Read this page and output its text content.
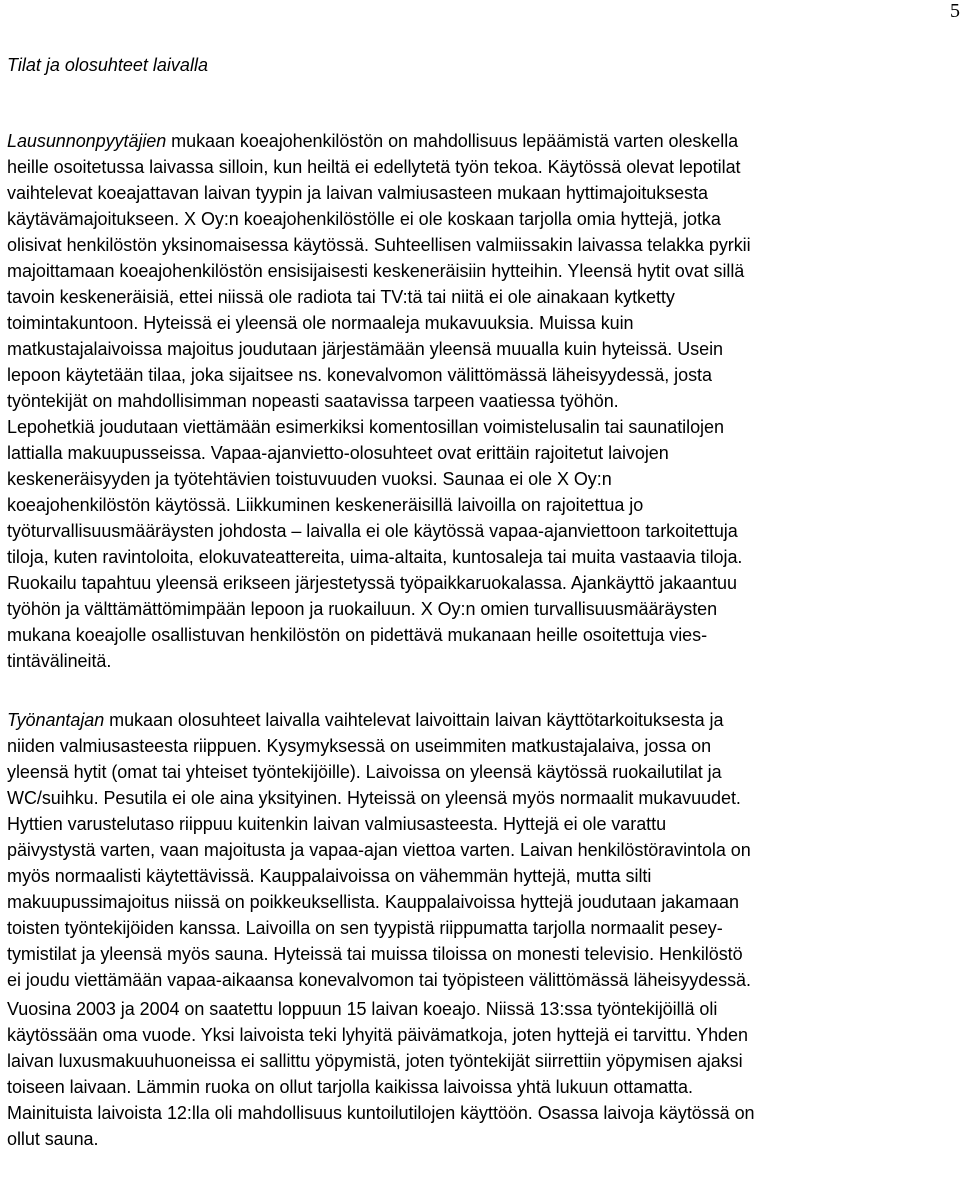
5
Tilat ja olosuhteet laivalla
Lausunnonpyytäjien mukaan koeajohenkilöstön on mahdollisuus lepäämistä varten oleskella
heille osoitetussa laivassa silloin, kun heiltä ei edellytetä työn tekoa. Käytössä olevat lepotilat
vaihtelevat koeajattavan laivan tyypin ja laivan valmiusasteen mukaan hyttimajoituksesta
käytävämajoitukseen. X Oy:n koeajohenkilöstölle ei ole koskaan tarjolla omia hyttejä, jotka
olisivat henkilöstön yksinomaisessa käytössä. Suhteellisen valmiissakin laivassa telakka pyrkii
majoittamaan koeajohenkilöstön ensisijaisesti keskeneräisiin hytteihin. Yleensä hytit ovat sillä
tavoin keskeneräisiä, ettei niissä ole radiota tai TV:tä tai niitä ei ole ainakaan kytketty
toimintakuntoon. Hyteissä ei yleensä ole normaaleja mukavuuksia. Muissa kuin
matkustajalaivoissa majoitus joudutaan järjestämään yleensä muualla kuin hyteissä. Usein
lepoon käytetään tilaa, joka sijaitsee ns. konevalvomon välittömässä läheisyydessä, josta
työntekijät on mahdollisimman nopeasti saatavissa tarpeen vaatiessa työhön.
Lepohetkiä joudutaan viettämään esimerkiksi komentosillan voimistelusalin tai saunatilojen
lattialla makuupusseissa. Vapaa-ajanvietto-olosuhteet ovat erittäin rajoitetut laivojen
keskeneräisyyden ja työtehtävien toistuvuuden vuoksi. Saunaa ei ole X Oy:n
koeajohenkilöstön käytössä. Liikkuminen keskeneräisillä laivoilla on rajoitettua jo
työturvallisuusmääräysten johdosta – laivalla ei ole käytössä vapaa-ajanviettoon tarkoitettuja
tiloja, kuten ravintoloita, elokuvateattereita, uima-altaita, kuntosaleja tai muita vastaavia tiloja.
Ruokailu tapahtuu yleensä erikseen järjestetyssä työpaikkaruokalassa. Ajankäyttö jakaantuu
työhön ja välttämättömimpään lepoon ja ruokailuun. X Oy:n omien turvallisuusmääräysten
mukana koeajolle osallistuvan henkilöstön on pidettävä mukanaan heille osoitettuja vies-
tintävälineitä.
Työnantajan mukaan olosuhteet laivalla vaihtelevat laivoittain laivan käyttötarkoituksesta ja
niiden valmiusasteesta riippuen. Kysymyksessä on useimmiten matkustajalaiva, jossa on
yleensä hytit (omat tai yhteiset työntekijöille). Laivoissa on yleensä käytössä ruokailutilat ja
WC/suihku. Pesutila ei ole aina yksityinen. Hyteissä on yleensä myös normaalit mukavuudet.
Hyttien varustelutaso riippuu kuitenkin laivan valmiusasteesta. Hyttejä ei ole varattu
päivystystä varten, vaan majoitusta ja vapaa-ajan viettoa varten. Laivan henkilöstöravintola on
myös normaalisti käytettävissä. Kauppalaivoissa on vähemmän hyttejä, mutta silti
makuupussimajoitus niissä on poikkeuksellista. Kauppalaivoissa hyttejä joudutaan jakamaan
toisten työntekijöiden kanssa. Laivoilla on sen tyypistä riippumatta tarjolla normaalit pesey-
tymistilat ja yleensä myös sauna. Hyteissä tai muissa tiloissa on monesti televisio. Henkilöstö
ei joudu viettämään vapaa-aikaansa konevalvomon tai työpisteen välittömässä läheisyydessä.
Vuosina 2003 ja 2004 on saatettu loppuun 15 laivan koeajo. Niissä 13:ssa työntekijöillä oli
käytössään oma vuode. Yksi laivoista teki lyhyitä päivämatkoja, joten hyttejä ei tarvittu. Yhden
laivan luxusmakuuhuoneissa ei sallittu yöpymistä, joten työntekijät siirrettiin yöpymisen ajaksi
toiseen laivaan. Lämmin ruoka on ollut tarjolla kaikissa laivoissa yhtä lukuun ottamatta.
Mainituista laivoista 12:lla oli mahdollisuus kuntoilutilojen käyttöön. Osassa laivoja käytössä on
ollut sauna.
